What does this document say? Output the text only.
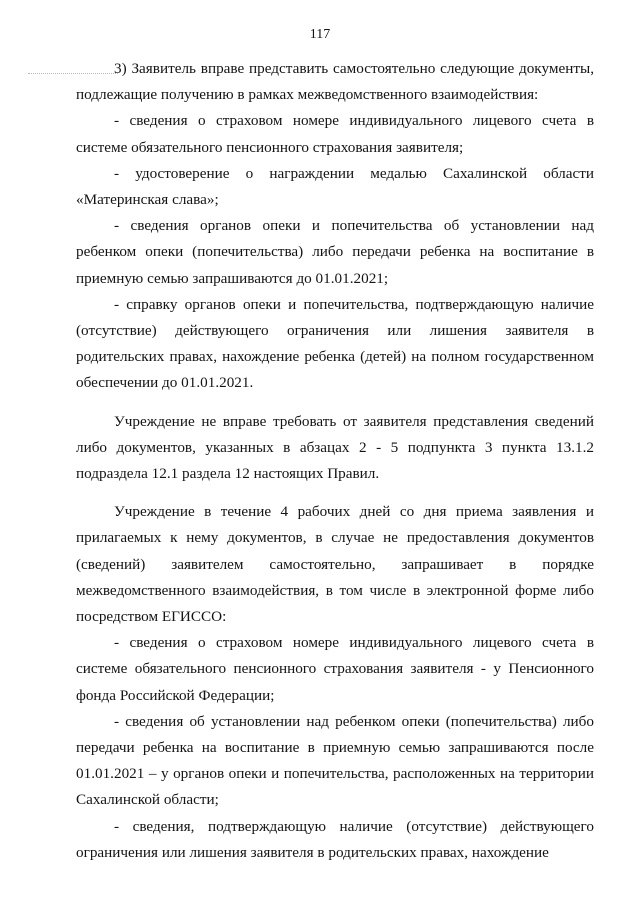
117

3) Заявитель вправе представить самостоятельно следующие документы, подлежащие получению в рамках межведомственного взаимодействия:

- сведения о страховом номере индивидуального лицевого счета в системе обязательного пенсионного страхования заявителя;

- удостоверение о награждении медалью Сахалинской области «Материнская слава»;

- сведения органов опеки и попечительства об установлении над ребенком опеки (попечительства) либо передачи ребенка на воспитание в приемную семью запрашиваются до 01.01.2021;

- справку органов опеки и попечительства, подтверждающую наличие (отсутствие) действующего ограничения или лишения заявителя в родительских правах, нахождение ребенка (детей) на полном государственном обеспечении до 01.01.2021.

Учреждение не вправе требовать от заявителя представления сведений либо документов, указанных в абзацах 2 - 5 подпункта 3 пункта 13.1.2 подраздела 12.1 раздела 12 настоящих Правил.

Учреждение в течение 4 рабочих дней со дня приема заявления и прилагаемых к нему документов, в случае не предоставления документов (сведений) заявителем самостоятельно, запрашивает в порядке межведомственного взаимодействия, в том числе в электронной форме либо посредством ЕГИССО:

- сведения о страховом номере индивидуального лицевого счета в системе обязательного пенсионного страхования заявителя - у Пенсионного фонда Российской Федерации;

- сведения об установлении над ребенком опеки (попечительства) либо передачи ребенка на воспитание в приемную семью запрашиваются после 01.01.2021 – у органов опеки и попечительства, расположенных на территории Сахалинской области;

- сведения, подтверждающую наличие (отсутствие) действующего ограничения или лишения заявителя в родительских правах, нахождение
